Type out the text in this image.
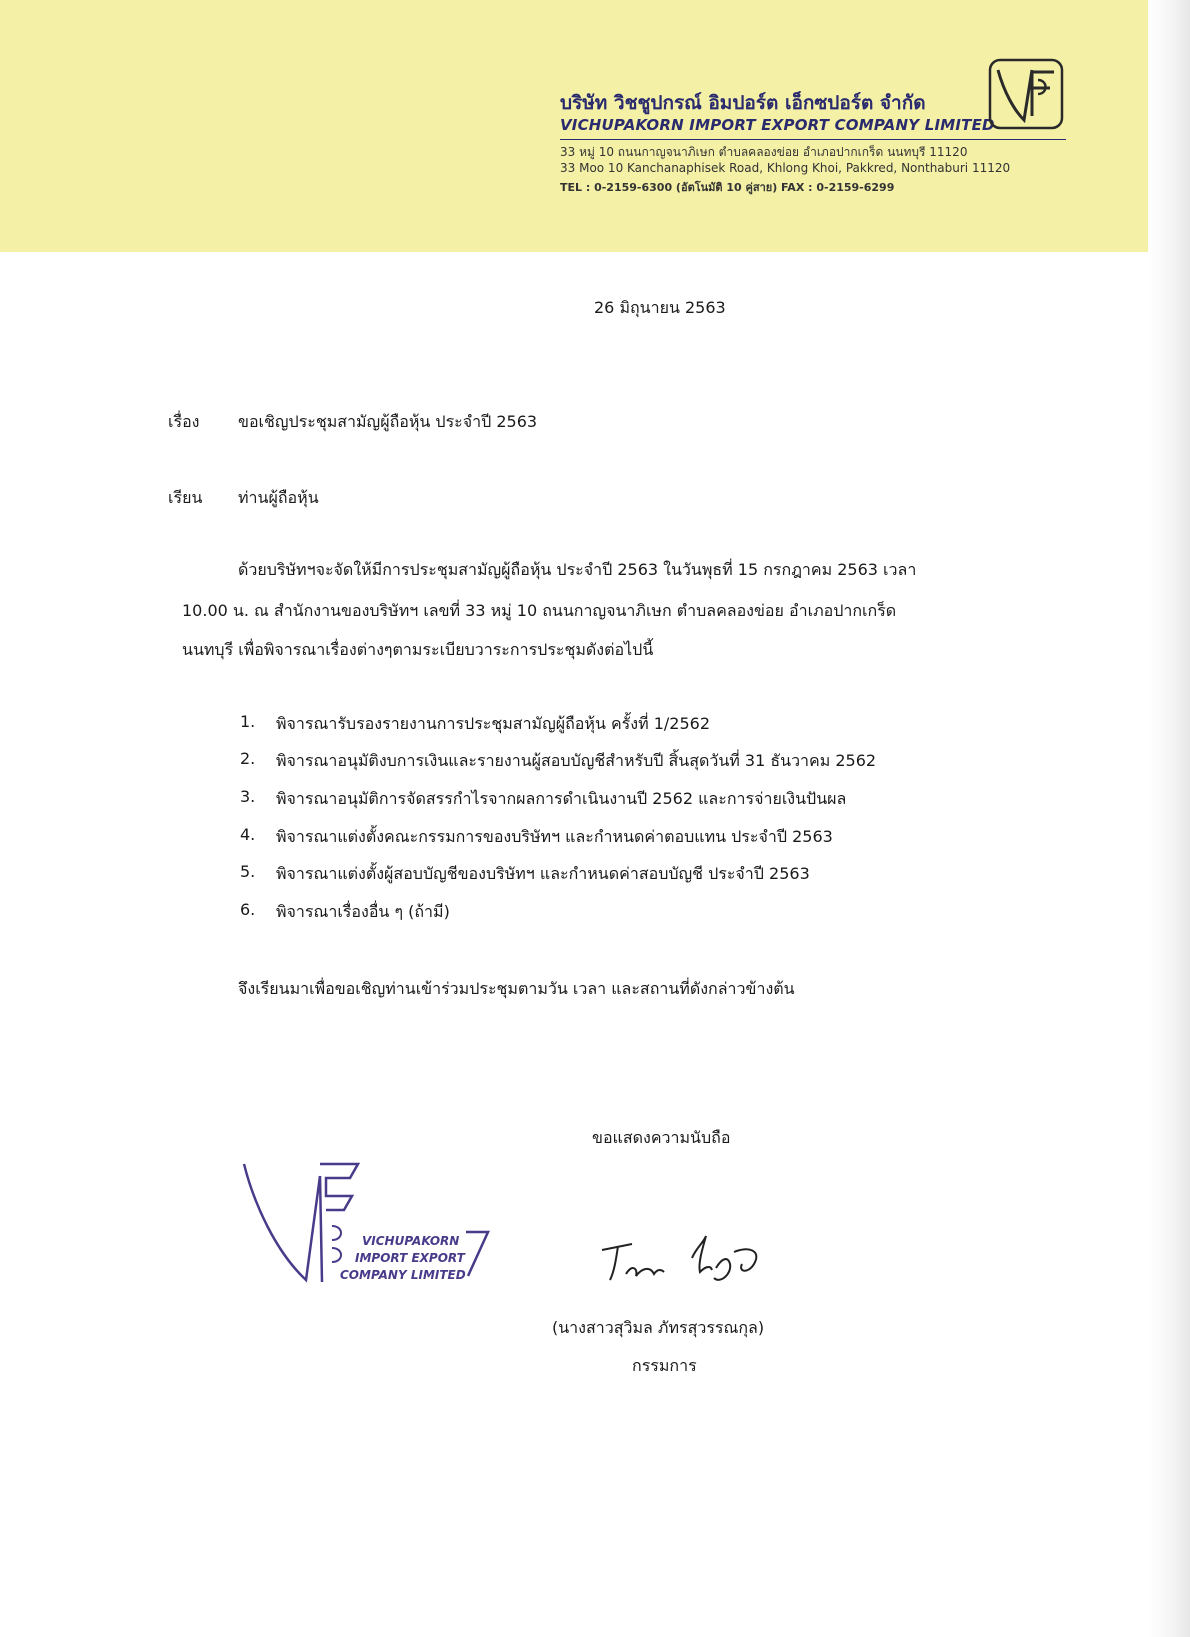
บริษัท วิชชูปกรณ์ อิมปอร์ต เอ็กซปอร์ต จำกัด
VICHUPAKORN IMPORT EXPORT COMPANY LIMITED
33 หมู่ 10 ถนนกาญจนาภิเษก ตำบลคลองข่อย อำเภอปากเกร็ด นนทบุรี 11120
33 Moo 10 Kanchanaphisek Road, Khlong Khoi, Pakkred, Nonthaburi 11120
TEL : 0-2159-6300 (อัตโนมัติ 10 คู่สาย) FAX : 0-2159-6299
26 มิถุนายน 2563
เรื่อง ขอเชิญประชุมสามัญผู้ถือหุ้น ประจำปี 2563
เรียน ท่านผู้ถือหุ้น
ด้วยบริษัทฯจะจัดให้มีการประชุมสามัญผู้ถือหุ้น ประจำปี 2563 ในวันพุธที่ 15 กรกฎาคม 2563 เวลา
10.00 น. ณ สำนักงานของบริษัทฯ เลขที่ 33 หมู่ 10 ถนนกาญจนาภิเษก ตำบลคลองข่อย อำเภอปากเกร็ด
นนทบุรี เพื่อพิจารณาเรื่องต่างๆตามระเบียบวาระการประชุมดังต่อไปนี้
1. พิจารณารับรองรายงานการประชุมสามัญผู้ถือหุ้น ครั้งที่ 1/2562
2. พิจารณาอนุมัติงบการเงินและรายงานผู้สอบบัญชีสำหรับปี สิ้นสุดวันที่ 31 ธันวาคม 2562
3. พิจารณาอนุมัติการจัดสรรกำไรจากผลการดำเนินงานปี 2562 และการจ่ายเงินปันผล
4. พิจารณาแต่งตั้งคณะกรรมการของบริษัทฯ และกำหนดค่าตอบแทน ประจำปี 2563
5. พิจารณาแต่งตั้งผู้สอบบัญชีของบริษัทฯ และกำหนดค่าสอบบัญชี ประจำปี 2563
6. พิจารณาเรื่องอื่น ๆ (ถ้ามี)
จึงเรียนมาเพื่อขอเชิญท่านเข้าร่วมประชุมตามวัน เวลา และสถานที่ดังกล่าวข้างต้น
ขอแสดงความนับถือ
VICHUPAKORN
IMPORT EXPORT
COMPANY LIMITED
(นางสาวสุวิมล ภัทรสุวรรณกุล)
กรรมการ
